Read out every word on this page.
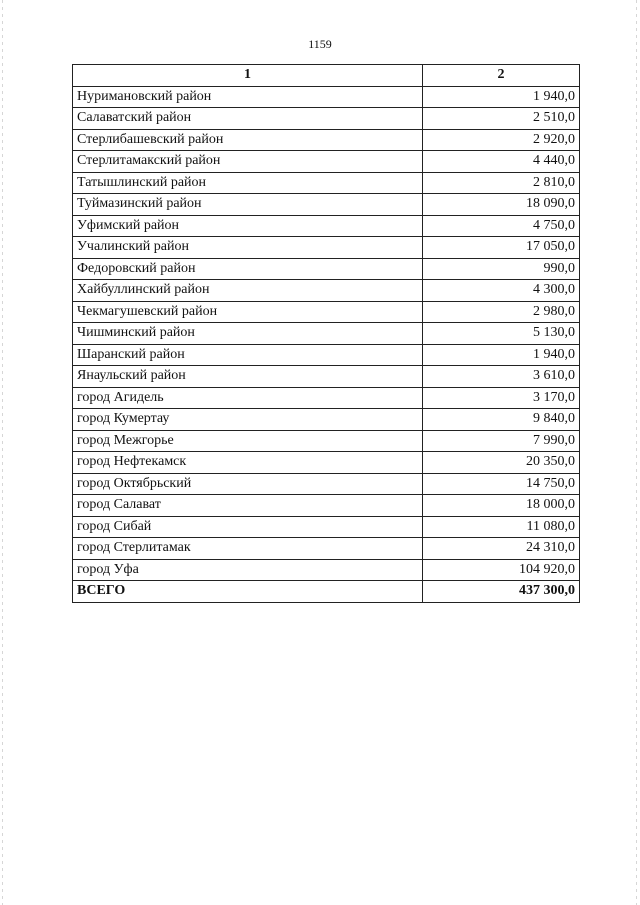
1159
1	2
Нуримановский район	1 940,0
Салаватский район	2 510,0
Стерлибашевский район	2 920,0
Стерлитамакский район	4 440,0
Татышлинский район	2 810,0
Туймазинский район	18 090,0
Уфимский район	4 750,0
Учалинский район	17 050,0
Федоровский район	990,0
Хайбуллинский район	4 300,0
Чекмагушевский район	2 980,0
Чишминский район	5 130,0
Шаранский район	1 940,0
Янаульский район	3 610,0
город Агидель	3 170,0
город Кумертау	9 840,0
город Межгорье	7 990,0
город Нефтекамск	20 350,0
город Октябрьский	14 750,0
город Салават	18 000,0
город Сибай	11 080,0
город Стерлитамак	24 310,0
город Уфа	104 920,0
ВСЕГО	437 300,0
